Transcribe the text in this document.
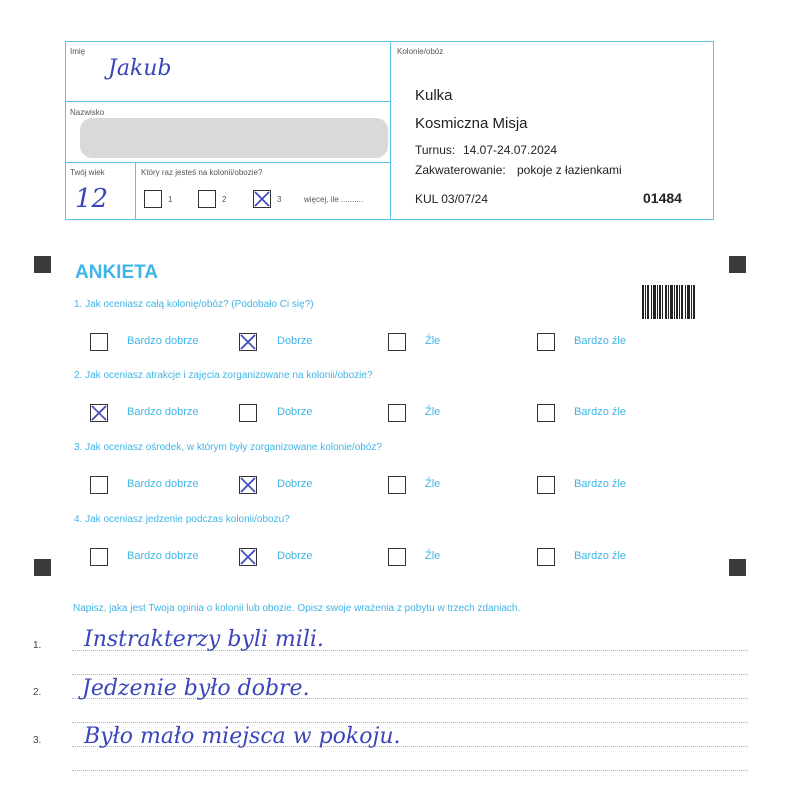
Imię
Jakub
Nazwisko
Twój wiek
12
Który raz jesteś na kolonii/obozie?
1	2	3	więcej, ile ..........
Kolonie/obóz
Kulka
Kosmiczna Misja
Turnus: 14.07-24.07.2024
Zakwaterowanie: pokoje z łazienkami
KUL 03/07/24	01484
ANKIETA
1. Jak oceniasz całą kolonię/obóz? (Podobało Ci się?)
Bardzo dobrze	Dobrze	Źle	Bardzo źle
2. Jak oceniasz atrakcje i zajęcia zorganizowane na kolonii/obozie?
Bardzo dobrze	Dobrze	Źle	Bardzo źle
3. Jak oceniasz ośrodek, w którym były zorganizowane kolonie/obóz?
Bardzo dobrze	Dobrze	Źle	Bardzo źle
4. Jak oceniasz jedzenie podczas kolonii/obozu?
Bardzo dobrze	Dobrze	Źle	Bardzo źle
Napisz, jaka jest Twoja opinia o kolonii lub obozie. Opisz swoje wrażenia z pobytu w trzech zdaniach.
1.
2.
3.
Instrakterzy byli mili.
Jedzenie było dobre.
Było mało miejsca w pokoju.
